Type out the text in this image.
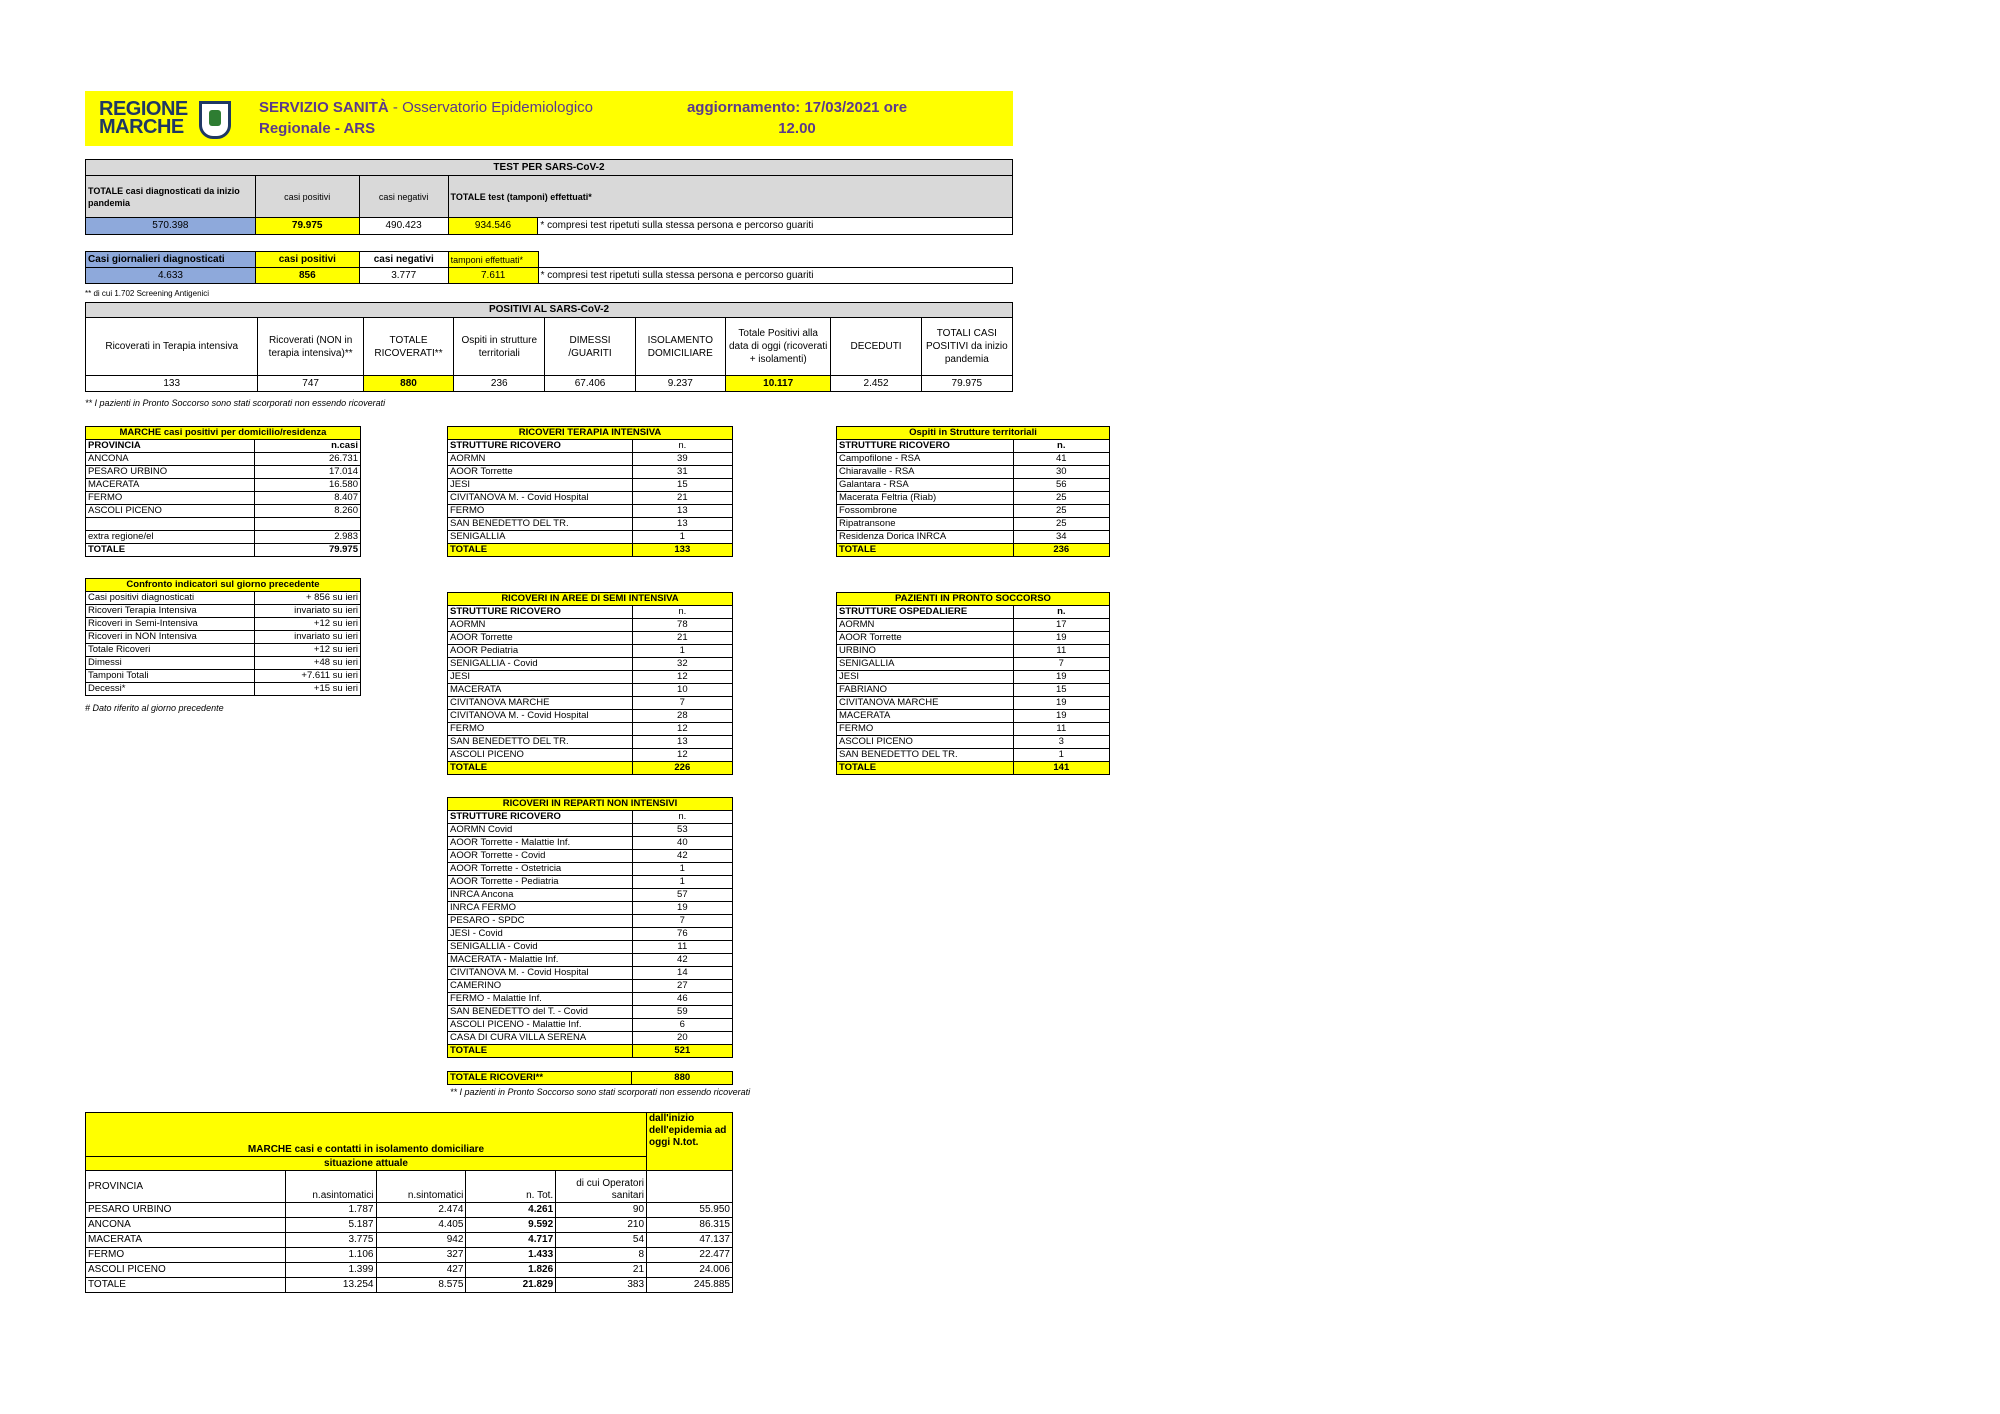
REGIONE
MARCHE
SERVIZIO SANITÀ - Osservatorio Epidemiologico
Regionale - ARS
aggiornamento: 17/03/2021 ore
12.00
TEST PER SARS-CoV-2				
TOTALE casi diagnosticati da inizio pandemia	casi positivi	casi negativi	TOTALE test (tamponi) effettuati*	
570.398	79.975	490.423	934.546	* compresi test ripetuti sulla stessa persona e percorso guariti
Casi giornalieri diagnosticati	casi positivi	casi negativi	tamponi effettuati*	
4.633	856	3.777	7.611	* compresi test ripetuti sulla stessa persona e percorso guariti
** di cui 1.702 Screening Antigenici
POSITIVI AL SARS-CoV-2								
Ricoverati in Terapia intensiva	Ricoverati (NON in terapia intensiva)**	TOTALE RICOVERATI**	Ospiti in strutture territoriali	DIMESSI /GUARITI	ISOLAMENTO DOMICILIARE	Totale Positivi alla data di oggi (ricoverati + isolamenti)	DECEDUTI	TOTALI CASI POSITIVI da inizio pandemia
133	747	880	236	67.406	9.237	10.117	2.452	79.975
** I pazienti in Pronto Soccorso sono stati scorporati non essendo ricoverati
MARCHE casi positivi per domicilio/residenza	
PROVINCIA	n.casi
ANCONA	26.731
PESARO URBINO	17.014
MACERATA	16.580
FERMO	8.407
ASCOLI PICENO	8.260

extra regione/el	2.983
TOTALE	79.975
Confronto indicatori sul giorno precedente	
Casi positivi diagnosticati	+ 856 su ieri
Ricoveri Terapia Intensiva	invariato su ieri
Ricoveri in Semi-Intensiva	+12 su ieri
Ricoveri in NON Intensiva	invariato su ieri
Totale Ricoveri	+12 su ieri
Dimessi	+48 su ieri
Tamponi Totali	+7.611 su ieri
Decessi*	+15 su ieri
# Dato riferito al giorno precedente
RICOVERI TERAPIA INTENSIVA	
STRUTTURE RICOVERO	n.
AORMN	39
AOOR Torrette	31
JESI	15
CIVITANOVA M. - Covid Hospital	21
FERMO	13
SAN BENEDETTO DEL TR.	13
SENIGALLIA	1
TOTALE	133
RICOVERI IN AREE DI SEMI INTENSIVA	
STRUTTURE RICOVERO	n.
AORMN	78
AOOR Torrette	21
AOOR Pediatria	1
SENIGALLIA - Covid	32
JESI	12
MACERATA	10
CIVITANOVA MARCHE	7
CIVITANOVA M. - Covid Hospital	28
FERMO	12
SAN BENEDETTO DEL TR.	13
ASCOLI PICENO	12
TOTALE	226
RICOVERI IN REPARTI NON INTENSIVI	
STRUTTURE RICOVERO	n.
AORMN Covid	53
AOOR Torrette - Malattie Inf.	40
AOOR Torrette - Covid	42
AOOR Torrette - Ostetricia	1
AOOR Torrette - Pediatria	1
INRCA Ancona	57
INRCA FERMO	19
PESARO - SPDC	7
JESI - Covid	76
SENIGALLIA - Covid	11
MACERATA - Malattie Inf.	42
CIVITANOVA M. - Covid Hospital	14
CAMERINO	27
FERMO - Malattie Inf.	46
SAN BENEDETTO del T. - Covid	59
ASCOLI PICENO - Malattie Inf.	6
CASA DI CURA VILLA SERENA	20
TOTALE	521
TOTALE RICOVERI**	880
** I pazienti in Pronto Soccorso sono stati scorporati non essendo ricoverati
Ospiti in Strutture territoriali	
STRUTTURE RICOVERO	n.
Campofilone - RSA	41
Chiaravalle - RSA	30
Galantara - RSA	56
Macerata Feltria (Riab)	25
Fossombrone	25
Ripatransone	25
Residenza Dorica INRCA	34
TOTALE	236
PAZIENTI IN PRONTO SOCCORSO	
STRUTTURE OSPEDALIERE	n.
AORMN	17
AOOR Torrette	19
URBINO	11
SENIGALLIA	7
JESI	19
FABRIANO	15
CIVITANOVA MARCHE	19
MACERATA	19
FERMO	11
ASCOLI PICENO	3
SAN BENEDETTO DEL TR.	1
TOTALE	141
MARCHE casi e contatti in isolamento domiciliare					dall'inizio dell'epidemia ad oggi N.tot.
situazione attuale					
PROVINCIA	n.asintomatici	n.sintomatici	n. Tot.	di cui Operatori sanitari	
PESARO URBINO	1.787	2.474	4.261	90	55.950
ANCONA	5.187	4.405	9.592	210	86.315
MACERATA	3.775	942	4.717	54	47.137
FERMO	1.106	327	1.433	8	22.477
ASCOLI PICENO	1.399	427	1.826	21	24.006
TOTALE	13.254	8.575	21.829	383	245.885
